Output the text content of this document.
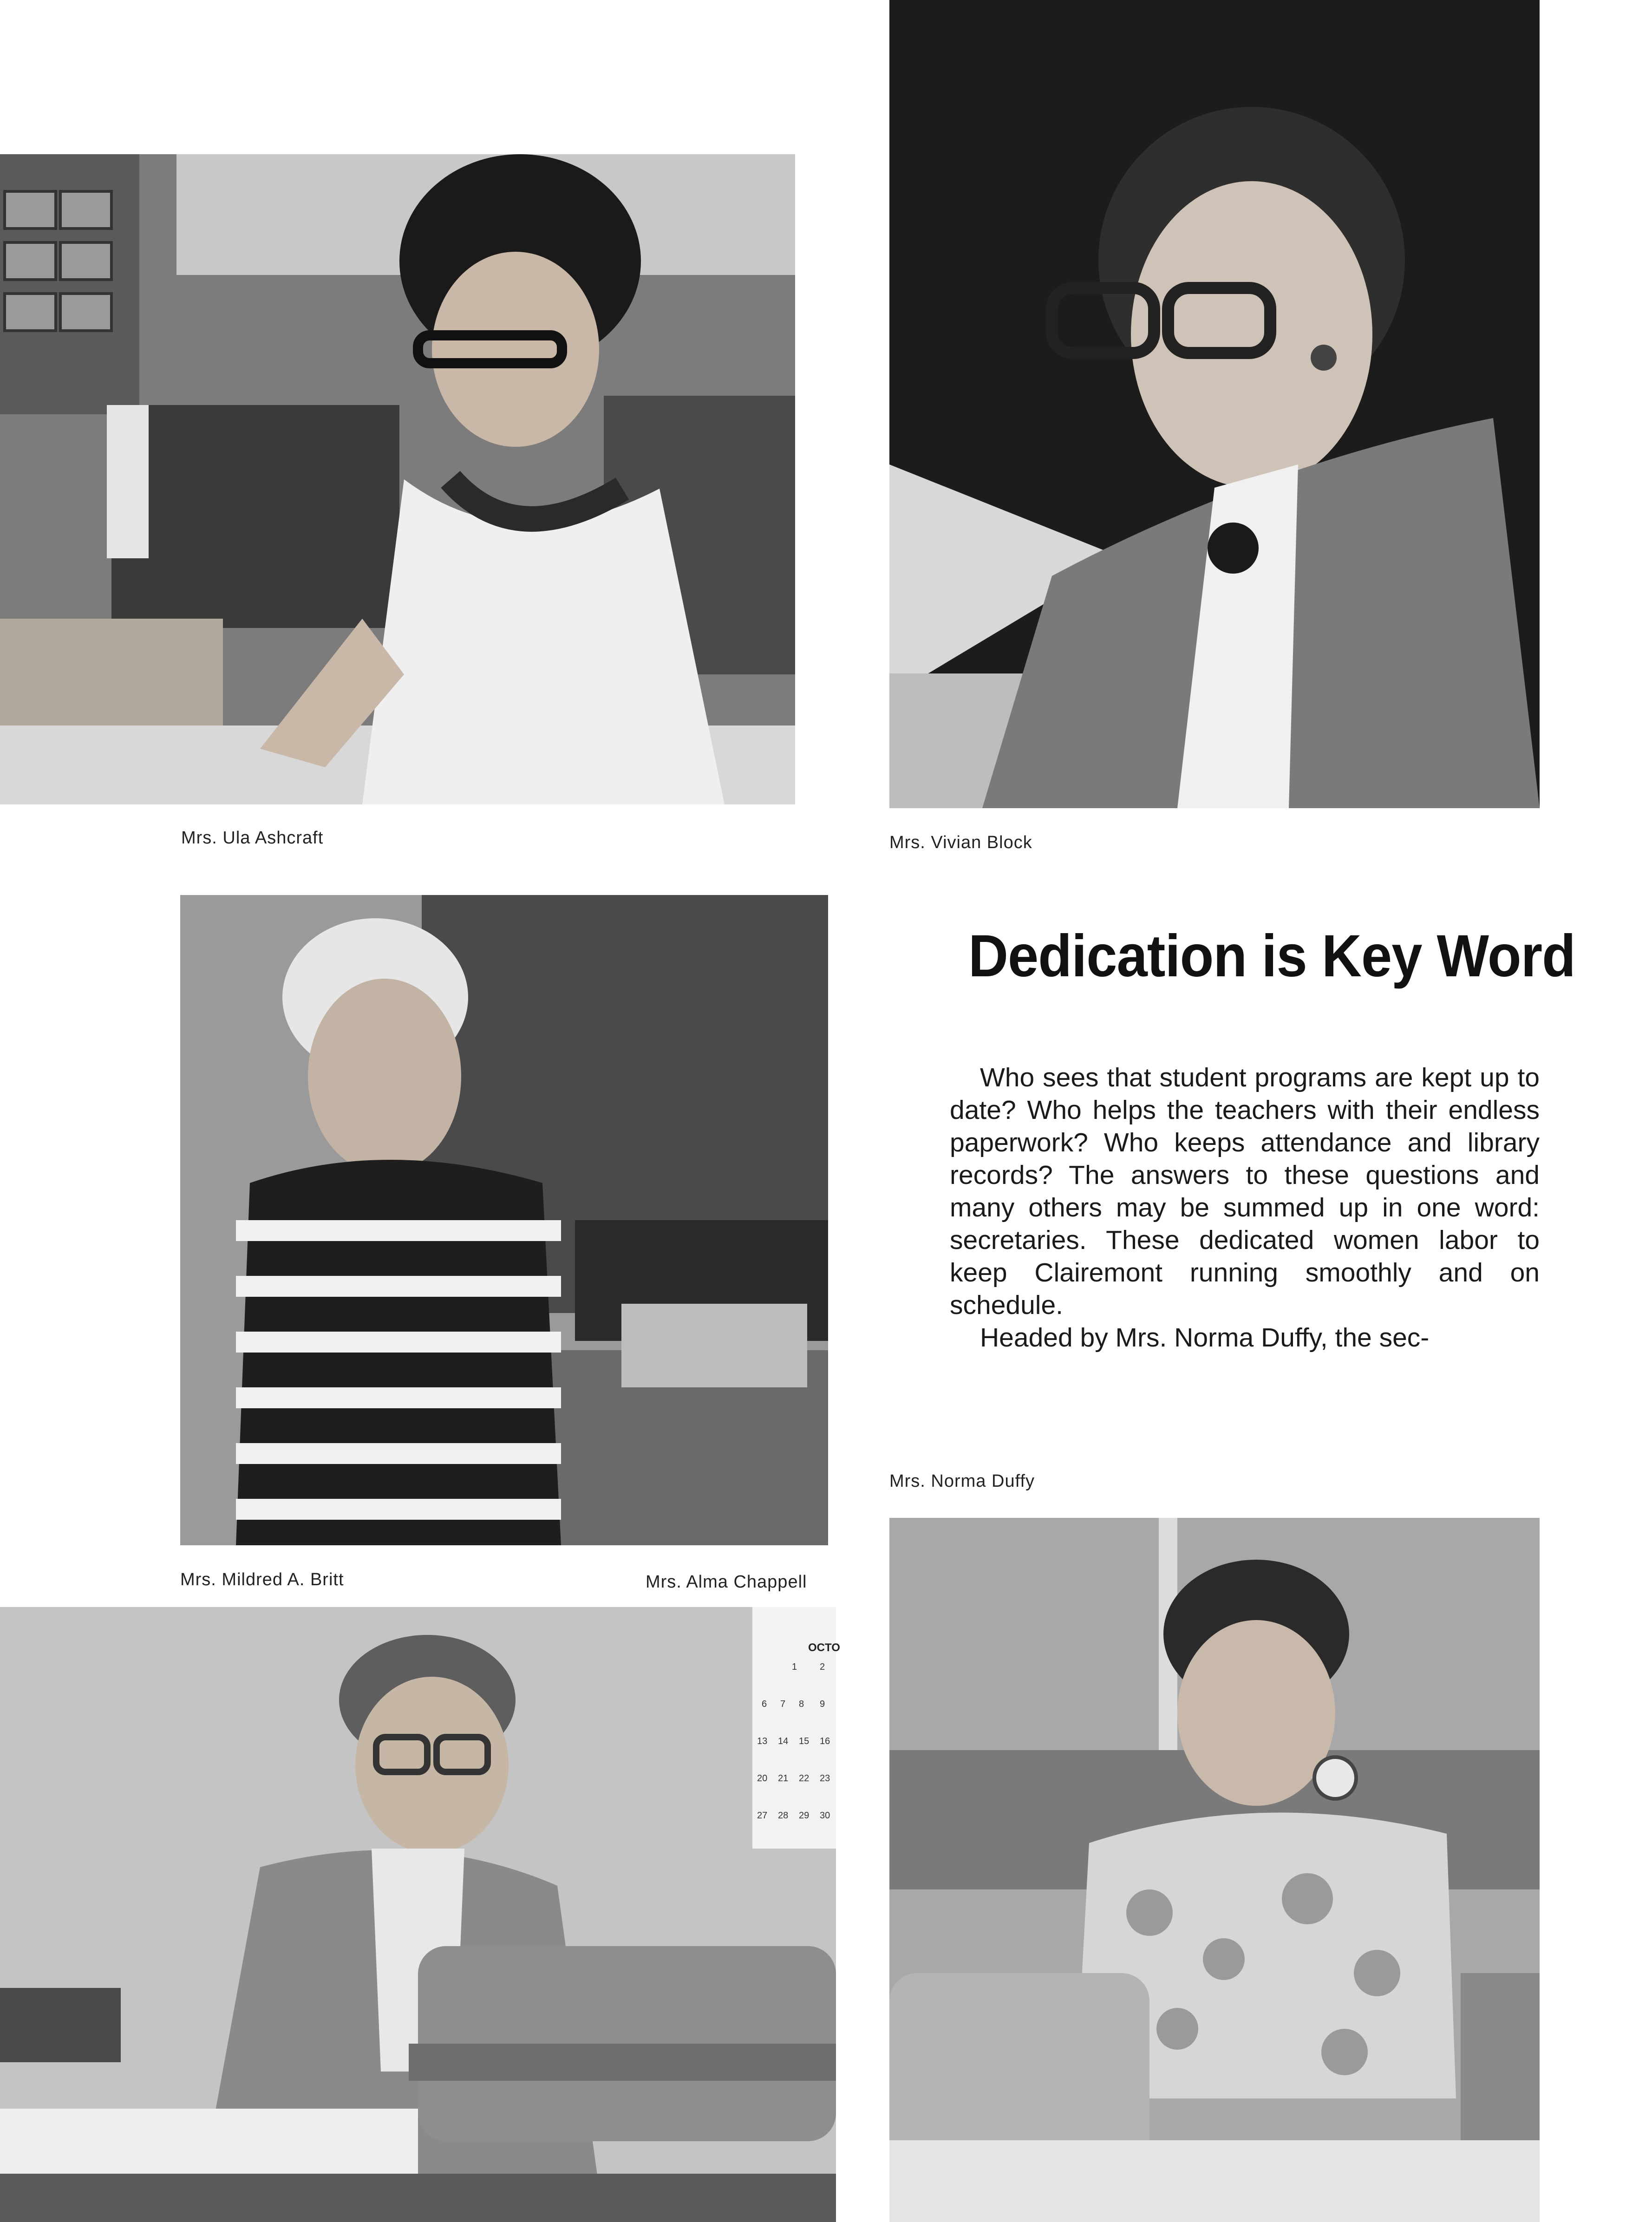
Mrs. Ula Ashcraft	Mrs. Vivian Block
Mrs. Mildred A. Britt	Mrs. Alma Chappell
OCTO
1 2
6 7 8 9
13 14 15 16
20 21 22 23
27 28 29 30
Dedication is Key Word

Who sees that student programs are kept up to date? Who helps the teachers with their endless paperwork? Who keeps attendance and library records? The answers to these questions and many others may be summed up in one word: secretaries. These dedicated women labor to keep Clairemont running smoothly and on schedule.

Headed by Mrs. Norma Duffy, the sec-

Mrs. Norma Duffy
